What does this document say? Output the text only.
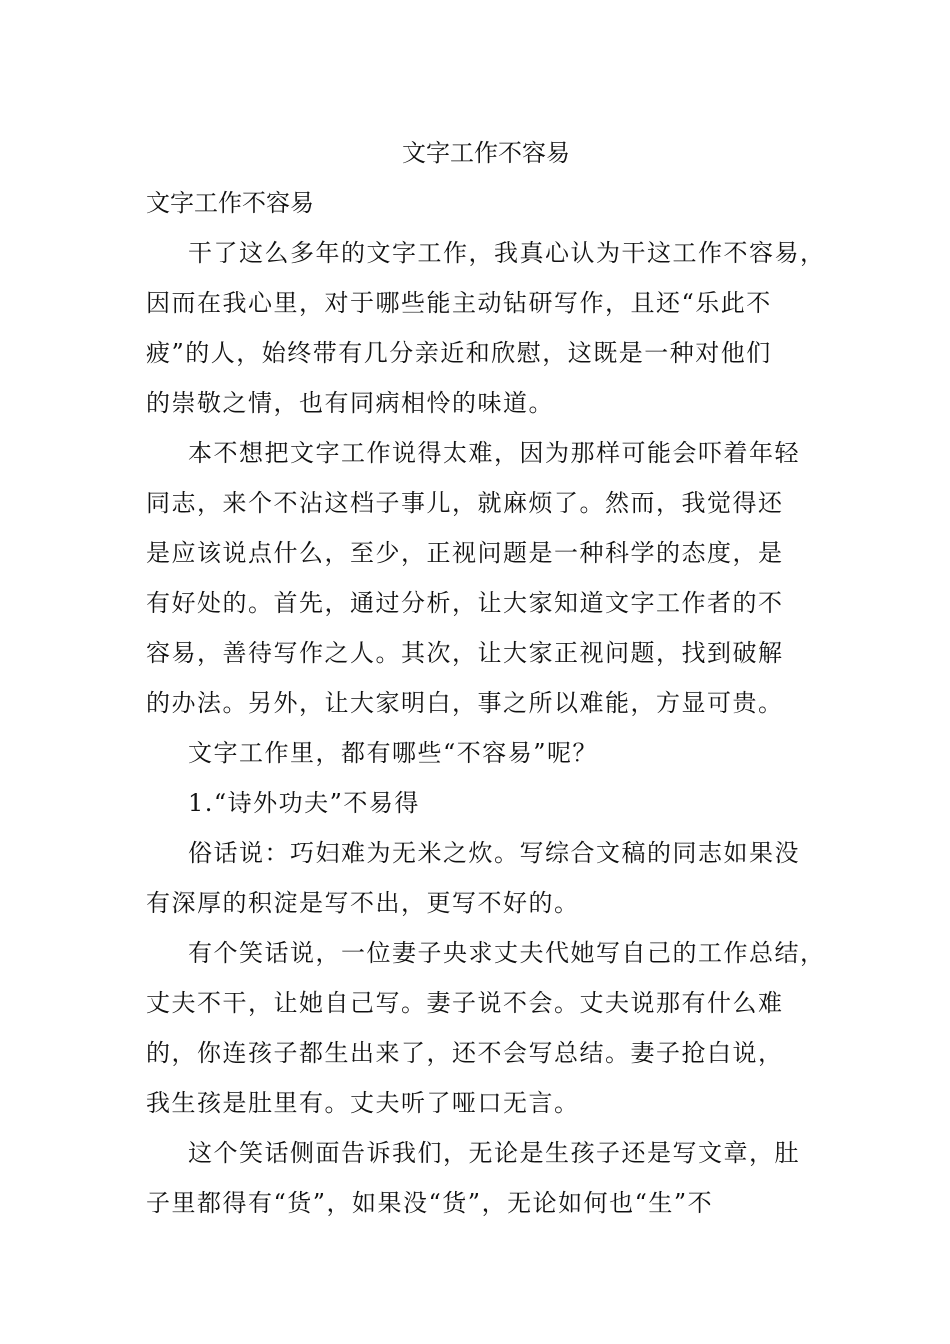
文字工作不容易
文字工作不容易
干了这么多年的文字工作，我真心认为干这工作不容易，
因而在我心里，对于哪些能主动钻研写作，且还“乐此不
疲”的人，始终带有几分亲近和欣慰，这既是一种对他们
的崇敬之情，也有同病相怜的味道。
本不想把文字工作说得太难，因为那样可能会吓着年轻
同志，来个不沾这档子事儿，就麻烦了。然而，我觉得还
是应该说点什么，至少，正视问题是一种科学的态度，是
有好处的。首先，通过分析，让大家知道文字工作者的不
容易，善待写作之人。其次，让大家正视问题，找到破解
的办法。另外，让大家明白，事之所以难能，方显可贵。
文字工作里，都有哪些“不容易”呢？
1.“诗外功夫”不易得
俗话说：巧妇难为无米之炊。写综合文稿的同志如果没
有深厚的积淀是写不出，更写不好的。
有个笑话说，一位妻子央求丈夫代她写自己的工作总结，
丈夫不干，让她自己写。妻子说不会。丈夫说那有什么难
的，你连孩子都生出来了，还不会写总结。妻子抢白说，
我生孩是肚里有。丈夫听了哑口无言。
这个笑话侧面告诉我们，无论是生孩子还是写文章，肚
子里都得有“货”，如果没“货”，无论如何也“生”不
